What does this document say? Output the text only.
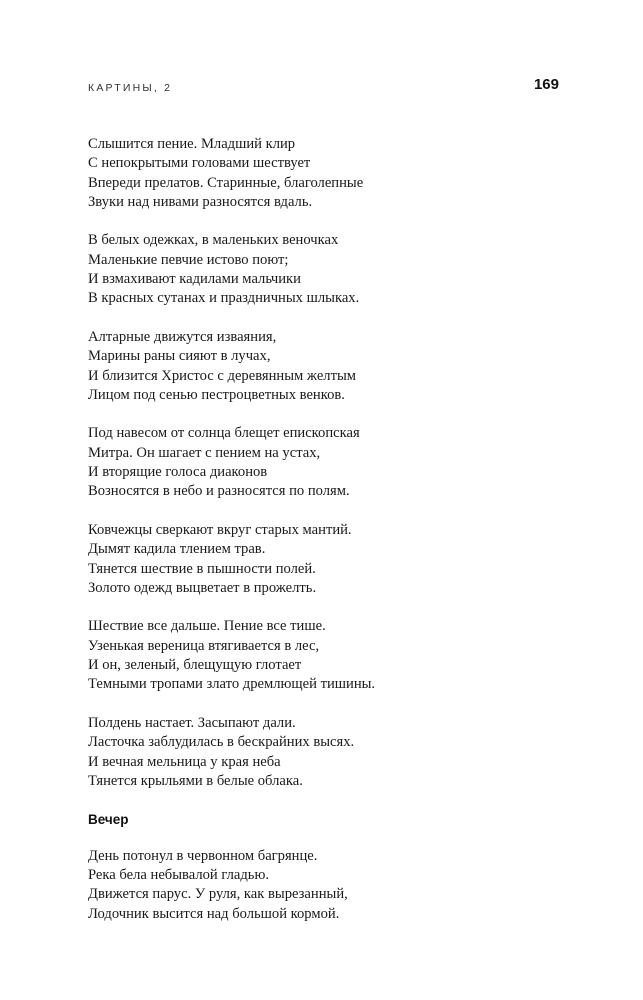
КАРТИНЫ, 2	169
Слышится пение. Младший клир
С непокрытыми головами шествует
Впереди прелатов. Старинные, благолепные
Звуки над нивами разносятся вдаль.
В белых одежках, в маленьких веночках
Маленькие певчие истово поют;
И взмахивают кадилами мальчики
В красных сутанах и праздничных шлыках.
Алтарные движутся изваяния,
Марины раны сияют в лучах,
И близится Христос с деревянным желтым
Лицом под сенью пестроцветных венков.
Под навесом от солнца блещет епископская
Митра. Он шагает с пением на устах,
И вторящие голоса диаконов
Возносятся в небо и разносятся по полям.
Ковчежцы сверкают вкруг старых мантий.
Дымят кадила тлением трав.
Тянется шествие в пышности полей.
Золото одежд выцветает в прожелть.
Шествие все дальше. Пение все тише.
Узенькая вереница втягивается в лес,
И он, зеленый, блещущую глотает
Темными тропами злато дремлющей тишины.
Полдень настает. Засыпают дали.
Ласточка заблудилась в бескрайних высях.
И вечная мельница у края неба
Тянется крыльями в белые облака.
Вечер
День потонул в червонном багрянце.
Река бела небывалой гладью.
Движется парус. У руля, как вырезанный,
Лодочник высится над большой кормой.
